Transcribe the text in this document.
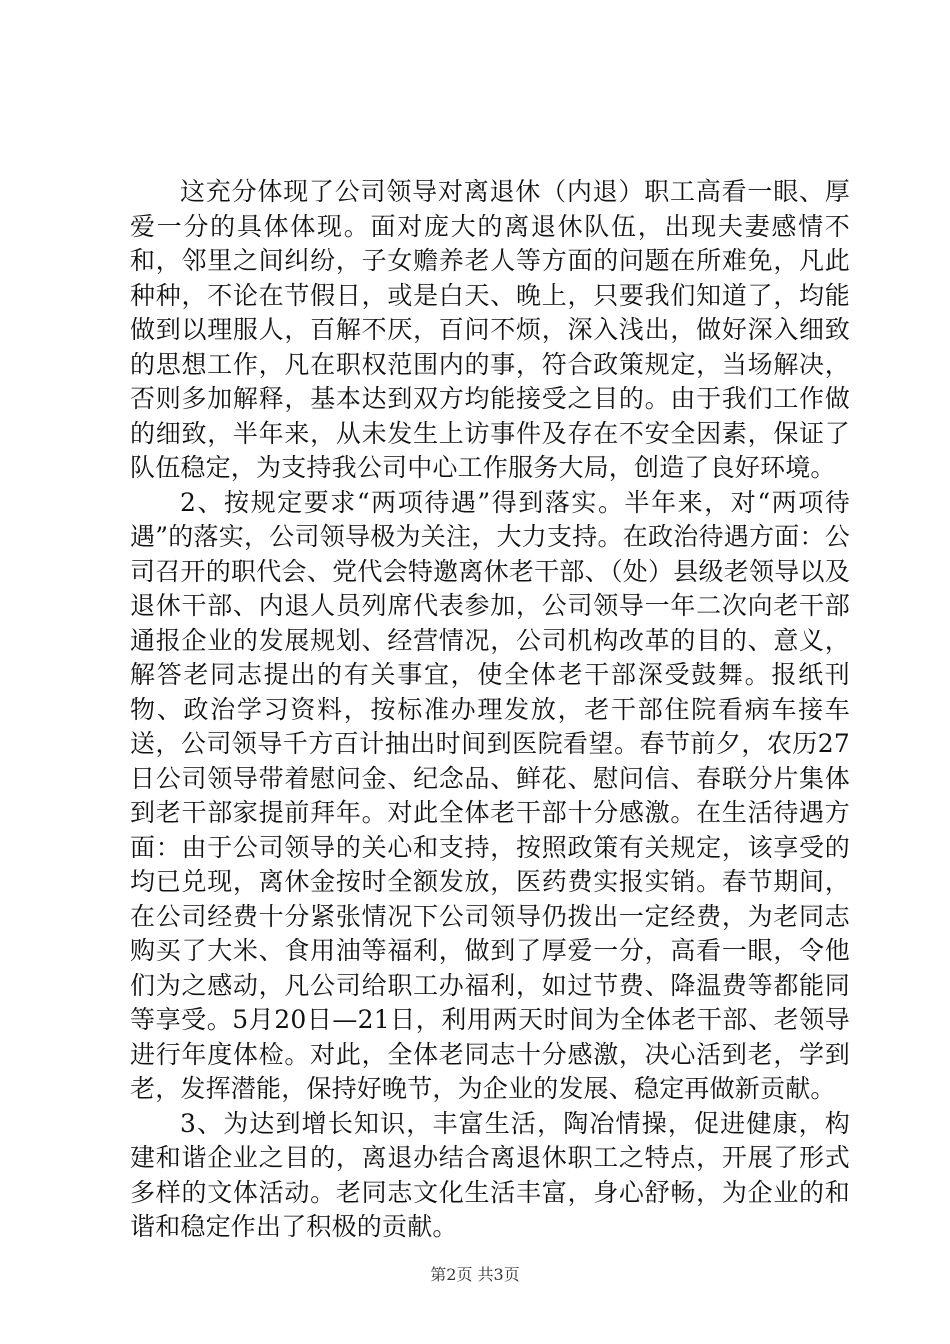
这充分体现了公司领导对离退休（内退）职工高看一眼、厚爱一分的具体体现。面对庞大的离退休队伍，出现夫妻感情不和，邻里之间纠纷，子女赡养老人等方面的问题在所难免，凡此种种，不论在节假日，或是白天、晚上，只要我们知道了，均能做到以理服人，百解不厌，百问不烦，深入浅出，做好深入细致的思想工作，凡在职权范围内的事，符合政策规定，当场解决，否则多加解释，基本达到双方均能接受之目的。由于我们工作做的细致，半年来，从未发生上访事件及存在不安全因素，保证了队伍稳定，为支持我公司中心工作服务大局，创造了良好环境。

2、按规定要求“两项待遇”得到落实。半年来，对“两项待遇”的落实，公司领导极为关注，大力支持。在政治待遇方面：公司召开的职代会、党代会特邀离休老干部、（处）县级老领导以及退休干部、内退人员列席代表参加，公司领导一年二次向老干部通报企业的发展规划、经营情况，公司机构改革的目的、意义，解答老同志提出的有关事宜，使全体老干部深受鼓舞。报纸刊物、政治学习资料，按标准办理发放，老干部住院看病车接车送，公司领导千方百计抽出时间到医院看望。春节前夕，农历27日公司领导带着慰问金、纪念品、鲜花、慰问信、春联分片集体到老干部家提前拜年。对此全体老干部十分感激。在生活待遇方面：由于公司领导的关心和支持，按照政策有关规定，该享受的均已兑现，离休金按时全额发放，医药费实报实销。春节期间，在公司经费十分紧张情况下公司领导仍拨出一定经费，为老同志购买了大米、食用油等福利，做到了厚爱一分，高看一眼，令他们为之感动，凡公司给职工办福利，如过节费、降温费等都能同等享受。5月20日—21日，利用两天时间为全体老干部、老领导进行年度体检。对此，全体老同志十分感激，决心活到老，学到老，发挥潜能，保持好晚节，为企业的发展、稳定再做新贡献。

3、为达到增长知识，丰富生活，陶冶情操，促进健康，构建和谐企业之目的，离退办结合离退休职工之特点，开展了形式多样的文体活动。老同志文化生活丰富，身心舒畅，为企业的和谐和稳定作出了积极的贡献。

第2页 共3页
